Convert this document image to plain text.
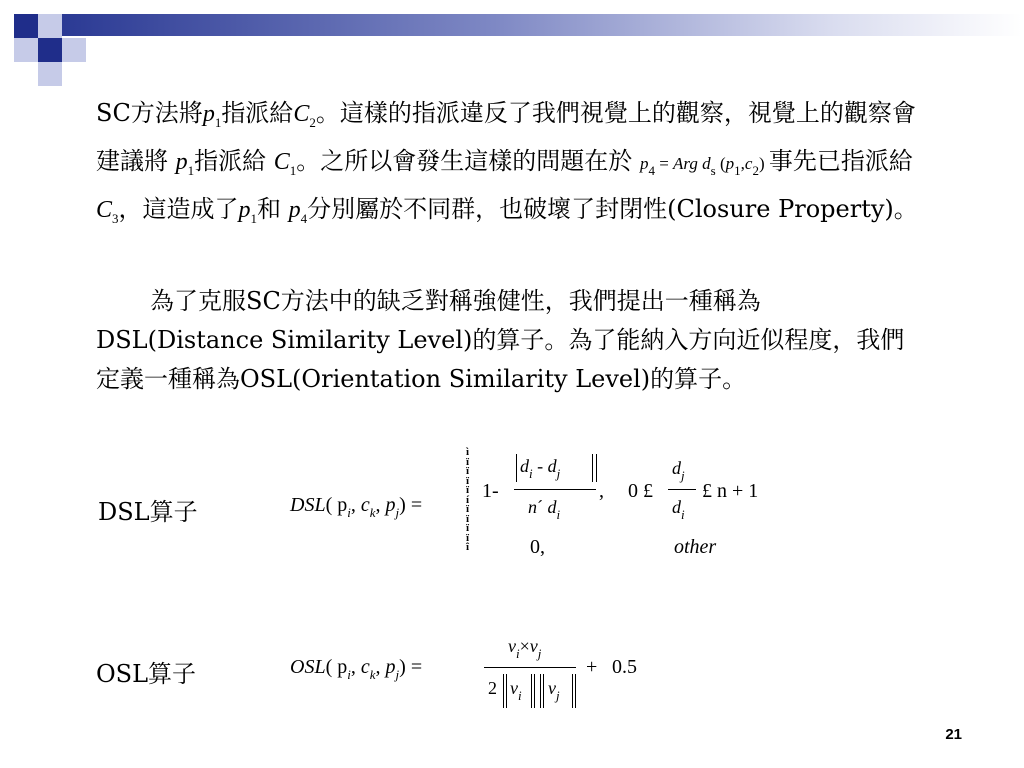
SC方法將$p_1$指派給$C_2$。這樣的指派違反了我們視覺上的觀察，視覺上的觀察會建議將 $p_1$指派給 $C_1$。之所以會發生這樣的問題在於 $p_4$ = Arg $d_s$ $(p_1,c_2)$ 事先已指派給 $C_3$，這造成了$p_1$和 $p_4$分別屬於不同群，也破壞了封閉性(Closure Property)。
為了克服SC方法中的缺乏對稱強健性，我們提出一種稱為DSL(Distance Similarity Level)的算子。為了能納入方向近似程度，我們定義一種稱為OSL(Orientation Similarity Level)的算子。
DSL算子	DSL( $p_i$, $c_k$, $p_j$) =
ì
ï
ï
ï
ï
í
ï
ï
ï
ï
î
1-
$d_i - d_j$
n´ $d_i$
, 0 £
$d_j$
$d_i$
£ n + 1
0,	other
OSL算子	OSL( $p_i$, $c_k$, $p_j$) =
$v_i\times v_j$
2 ‖ $v_i$ $v_j$ ‖
+ 0.5
21
